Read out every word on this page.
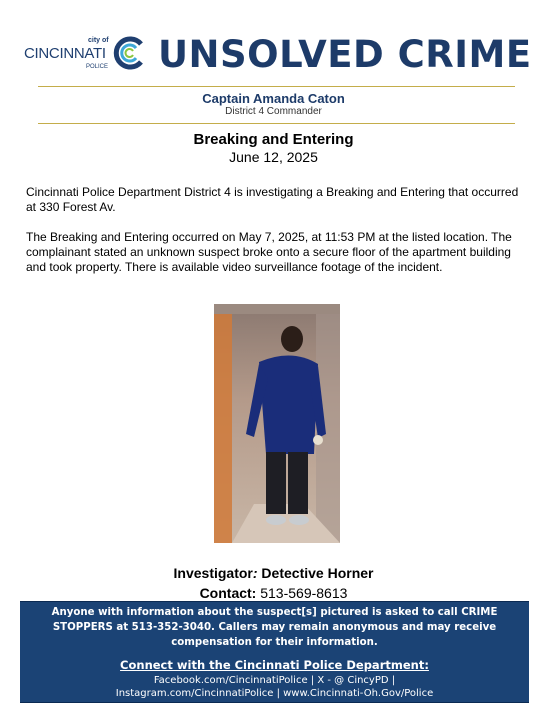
city of
CINCINNATI
POLICE UNSOLVED CRIME
Captain Amanda Caton
District 4 Commander
Breaking and Entering
June 12, 2025
Cincinnati Police Department District 4 is investigating a Breaking and Entering that occurred at 330 Forest Av.
The Breaking and Entering occurred on May 7, 2025, at 11:53 PM at the listed location. The complainant stated an unknown suspect broke onto a secure floor of the apartment building and took property. There is available video surveillance footage of the incident.
Investigator: Detective Horner
Contact: 513-569-8613
Anyone with information about the suspect[s] pictured is asked to call CRIME STOPPERS at 513-352-3040. Callers may remain anonymous and may receive compensation for their information.
Connect with the Cincinnati Police Department:
Facebook.com/CincinnatiPolice | X - @ CincyPD |
Instagram.com/CincinnatiPolice | www.Cincinnati-Oh.Gov/Police
